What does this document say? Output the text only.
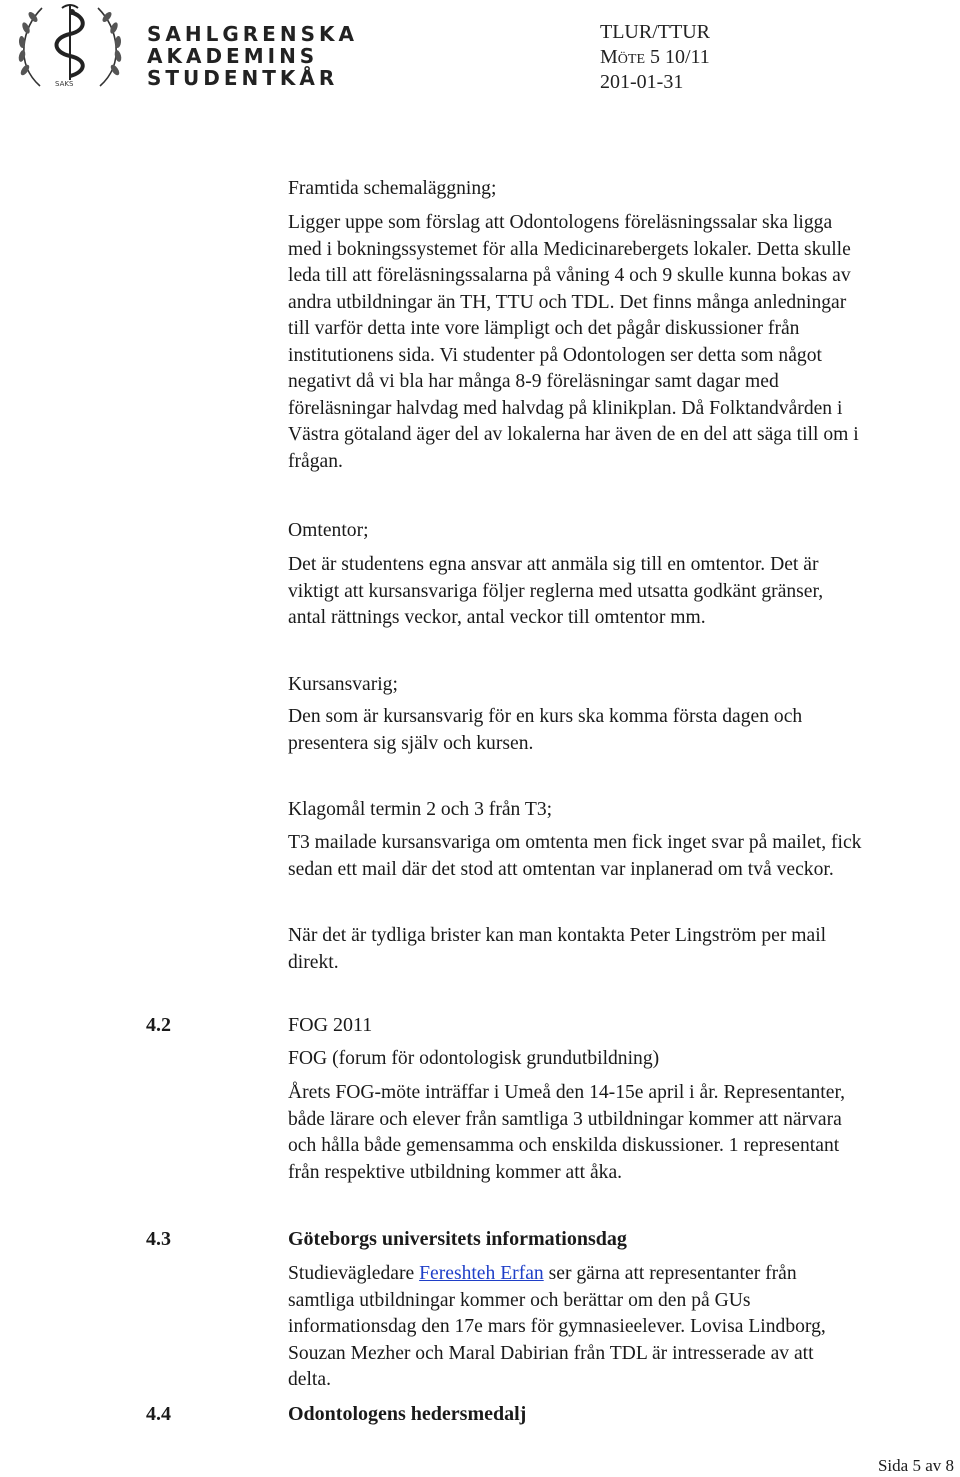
SAKS
SAHLGRENSKA
AKADEMINS
STUDENTKÅR
TLUR/TTUR
Möte 5 10/11
201-01-31
Framtida schemaläggning;
Ligger uppe som förslag att Odontologens föreläsningssalar ska ligga
med i bokningssystemet för alla Medicinarebergets lokaler. Detta skulle
leda till att föreläsningssalarna på våning 4 och 9 skulle kunna bokas av
andra utbildningar än TH, TTU och TDL. Det finns många anledningar
till varför detta inte vore lämpligt och det pågår diskussioner från
institutionens sida. Vi studenter på Odontologen ser detta som något
negativt då vi bla har många 8-9 föreläsningar samt dagar med
föreläsningar halvdag med halvdag på klinikplan. Då Folktandvården i
Västra götaland äger del av lokalerna har även de en del att säga till om i
frågan.
Omtentor;
Det är studentens egna ansvar att anmäla sig till en omtentor. Det är
viktigt att kursansvariga följer reglerna med utsatta godkänt gränser,
antal rättnings veckor, antal veckor till omtentor mm.
Kursansvarig;
Den som är kursansvarig för en kurs ska komma första dagen och
presentera sig själv och kursen.
Klagomål termin 2 och 3 från T3;
T3 mailade kursansvariga om omtenta men fick inget svar på mailet, fick
sedan ett mail där det stod att omtentan var inplanerad om två veckor.
När det är tydliga brister kan man kontakta Peter Lingström per mail
direkt.
4.2	FOG 2011
FOG (forum för odontologisk grundutbildning)
Årets FOG-möte inträffar i Umeå den 14-15e april i år. Representanter,
både lärare och elever från samtliga 3 utbildningar kommer att närvara
och hålla både gemensamma och enskilda diskussioner. 1 representant
från respektive utbildning kommer att åka.
4.3	Göteborgs universitets informationsdag
Studievägledare Fereshteh Erfan ser gärna att representanter från
samtliga utbildningar kommer och berättar om den på GUs
informationsdag den 17e mars för gymnasieelever. Lovisa Lindborg,
Souzan Mezher och Maral Dabirian från TDL är intresserade av att
delta.
4.4	Odontologens hedersmedalj
Sida 5 av 8
